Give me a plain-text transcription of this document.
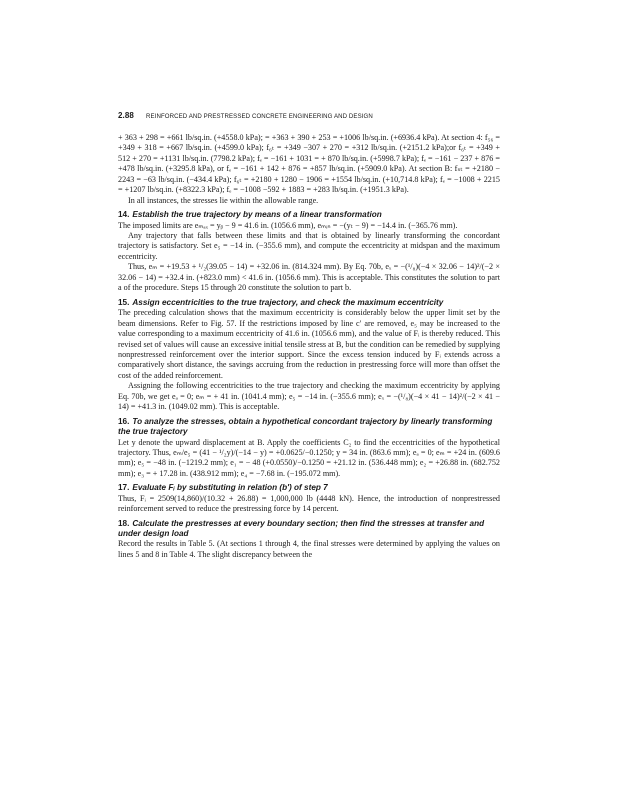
2.88 REINFORCED AND PRESTRESSED CONCRETE ENGINEERING AND DESIGN

+ 363 + 298 = +661 lb/sq.in. (+4558.0 kPa); = +363 + 390 + 253 = +1006 lb/sq.in. (+6936.4 kPa). At section 4: f₅₆ = +349 + 318 = +667 lb/sq.in. (+4599.0 kPa); f₆ₜ = +349 −307 + 270 = +312 lb/sq.in. (+2151.2 kPa);or f₆ₜ = +349 + 512 + 270 = +1131 lb/sq.in. (7798.2 kPa); fₑ = −161 + 1031 = + 870 lb/sq.in. (+5998.7 kPa); fₑ = −161 − 237 + 876 = +478 lb/sq.in. (+3295.8 kPa), or fₑ = −161 + 142 + 876 = +857 lb/sq.in. (+5909.0 kPa). At section B: fₛₜ = +2180 − 2243 = −63 lb/sq.in. (−434.4 kPa); f₆ₜ = +2180 + 1280 − 1906 = +1554 lb/sq.in. (+10,714.8 kPa); fₑ = −1008 + 2215 = +1207 lb/sq.in. (+8322.3 kPa); fₑ = −1008 −592 + 1883 = +283 lb/sq.in. (+1951.3 kPa).

In all instances, the stresses lie within the allowable range.

14. Establish the true trajectory by means of a linear transformation

The imposed limits are eₘₐₓ = yᵦ − 9 = 41.6 in. (1056.6 mm), eₘᵢₙ = −(yₜ − 9) = −14.4 in. (−365.76 mm).

Any trajectory that falls between these limits and that is obtained by linearly transforming the concordant trajectory is satisfactory. Set e₅ = −14 in. (−355.6 mm), and compute the eccentricity at midspan and the maximum eccentricity.

Thus, eₘ = +19.53 + ¹/₂(39.05 − 14) = +32.06 in. (814.324 mm). By Eq. 70b, eₓ = −(¹/₈)(−4 × 32.06 − 14)²/(−2 × 32.06 − 14) = +32.4 in. (+823.0 mm) < 41.6 in. (1056.6 mm). This is acceptable. This constitutes the solution to part a of the procedure. Steps 15 through 20 constitute the solution to part b.

15. Assign eccentricities to the true trajectory, and check the maximum eccentricity

The preceding calculation shows that the maximum eccentricity is considerably below the upper limit set by the beam dimensions. Refer to Fig. 57. If the restrictions imposed by line c′ are removed, e₅ may be increased to the value corresponding to a maximum eccentricity of 41.6 in. (1056.6 mm), and the value of Fᵢ is thereby reduced. This revised set of values will cause an excessive initial tensile stress at B, but the condition can be remedied by supplying nonprestressed reinforcement over the interior support. Since the excess tension induced by Fᵢ extends across a comparatively short distance, the savings accruing from the reduction in prestressing force will more than offset the cost of the added reinforcement.

Assigning the following eccentricities to the true trajectory and checking the maximum eccentricity by applying Eq. 70b, we get eₐ = 0; eₘ = + 41 in. (1041.4 mm); e₅ = −14 in. (−355.6 mm); eₓ = −(¹/₈)(−4 × 41 − 14)²/(−2 × 41 − 14) = +41.3 in. (1049.02 mm). This is acceptable.

16. To analyze the stresses, obtain a hypothetical concordant trajectory by linearly transforming the true trajectory

Let y denote the upward displacement at B. Apply the coefficients C₂ to find the eccentricities of the hypothetical trajectory. Thus, eₘ/e₅ = (41 − ¹/₂y)/(−14 − y) = +0.0625/−0.1250; y = 34 in. (863.6 mm); eₐ = 0; eₘ = +24 in. (609.6 mm); e₅ = −48 in. (−1219.2 mm); e₁ = − 48 (+0.0550)/−0.1250 = +21.12 in. (536.448 mm); e₂ = +26.88 in. (682.752 mm); e₃ = + 17.28 in. (438.912 mm); e₄ = −7.68 in. (−195.072 mm).

17. Evaluate Fᵢ by substituting in relation (b′) of step 7

Thus, Fᵢ = 2509(14,860)/(10.32 + 26.88) = 1,000,000 lb (4448 kN). Hence, the introduction of nonprestressed reinforcement served to reduce the prestressing force by 14 percent.

18. Calculate the prestresses at every boundary section; then find the stresses at transfer and under design load

Record the results in Table 5. (At sections 1 through 4, the final stresses were determined by applying the values on lines 5 and 8 in Table 4. The slight discrepancy between the
